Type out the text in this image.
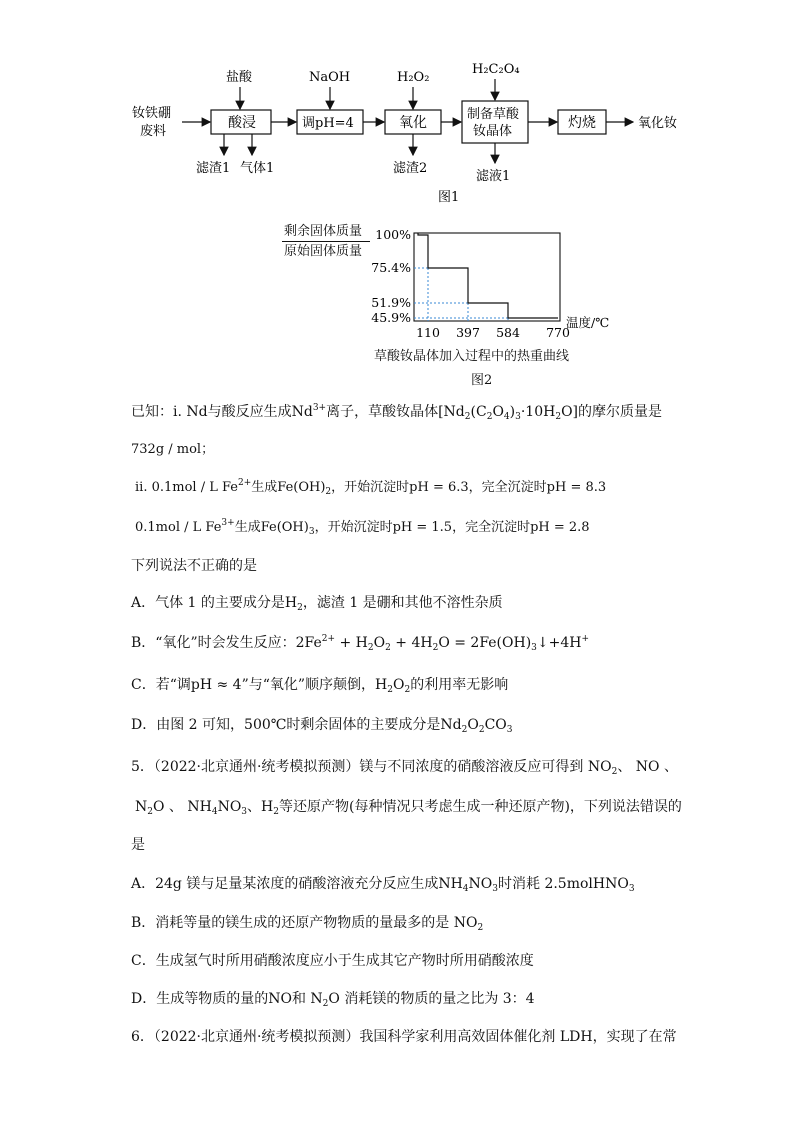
钕铁硼
废料
盐酸	NaOH	H₂O₂
H₂C₂O₄
酸浸	调pH=4	氧化
制备草酸
钕晶体
灼烧	氧化钕
滤渣1 气体1	滤渣2
滤液1
图1
剩余固体质量
原始固体质量
100%
75.4%
51.9%
45.9%
110 397 584 770
温度/℃
草酸钕晶体加入过程中的热重曲线
图2
已知：ⅰ. Nd与酸反应生成$Nd^{3+}$离子，草酸钕晶体$[Nd_2(C_2O_4)_3\cdot 10H_2O]$的摩尔质量是
732g / mol；
ⅱ. 0.1mol / L $Fe^{2+}$生成$Fe(OH)_2$，开始沉淀时pH = 6.3，完全沉淀时pH = 8.3
0.1mol / L $Fe^{3+}$生成$Fe(OH)_3$，开始沉淀时pH = 1.5，完全沉淀时pH = 2.8
下列说法不正确的是
A．气体 1 的主要成分是$H_2$，滤渣 1 是硼和其他不溶性杂质
B．“氧化”时会发生反应：$2Fe^{2+} + H_2O_2 + 4H_2O$ = $2Fe(OH)_3↓+4H^+$
C．若“调pH ≈ 4”与“氧化”顺序颠倒，$H_2O_2$的利用率无影响
D．由图 2 可知，500℃时剩余固体的主要成分是$Nd_2O_2CO_3$
5．（2022·北京通州·统考模拟预测）镁与不同浓度的硝酸溶液反应可得到 $NO_2$、 NO 、
$N_2O$ 、 $NH_4NO_3$、$H_2$等还原产物(每种情况只考虑生成一种还原产物)，下列说法错误的
是
A．24g 镁与足量某浓度的硝酸溶液充分反应生成$NH_4NO_3$时消耗 2.5molHNO$_3$
B．消耗等量的镁生成的还原产物物质的量最多的是 $NO_2$
C．生成氢气时所用硝酸浓度应小于生成其它产物时所用硝酸浓度
D．生成等物质的量的NO和 $N_2O$ 消耗镁的物质的量之比为 3：4
6．（2022·北京通州·统考模拟预测）我国科学家利用高效固体催化剂 LDH，实现了在常
